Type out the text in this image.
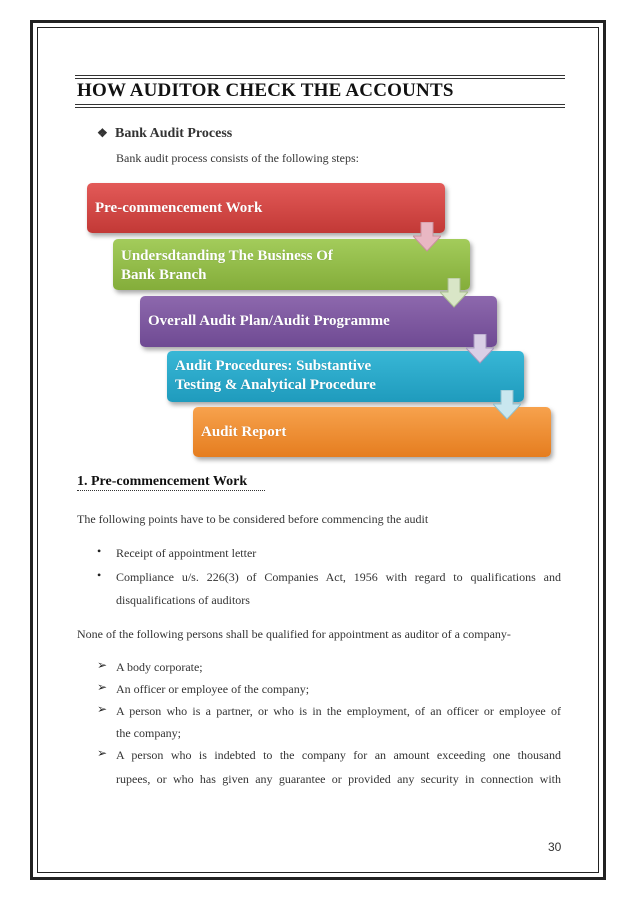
HOW AUDITOR CHECK THE ACCOUNTS
❖ Bank Audit Process
Bank audit process consists of the following steps:
Pre-commencement Work
Undersdtanding The Business Of
Bank Branch
Overall Audit Plan/Audit Programme
Audit Procedures: Substantive
Testing & Analytical Procedure
Audit Report
1. Pre-commencement Work
The following points have to be considered before commencing the audit
• Receipt of appointment letter
• Compliance u/s. 226(3) of Companies Act, 1956 with regard to qualifications and
disqualifications of auditors
None of the following persons shall be qualified for appointment as auditor of a company-
➢ A body corporate;
➢ An officer or employee of the company;
➢ A person who is a partner, or who is in the employment, of an officer or employee of
the company;
➢ A person who is indebted to the company for an amount exceeding one thousand
rupees, or who has given any guarantee or provided any security in connection with
30
